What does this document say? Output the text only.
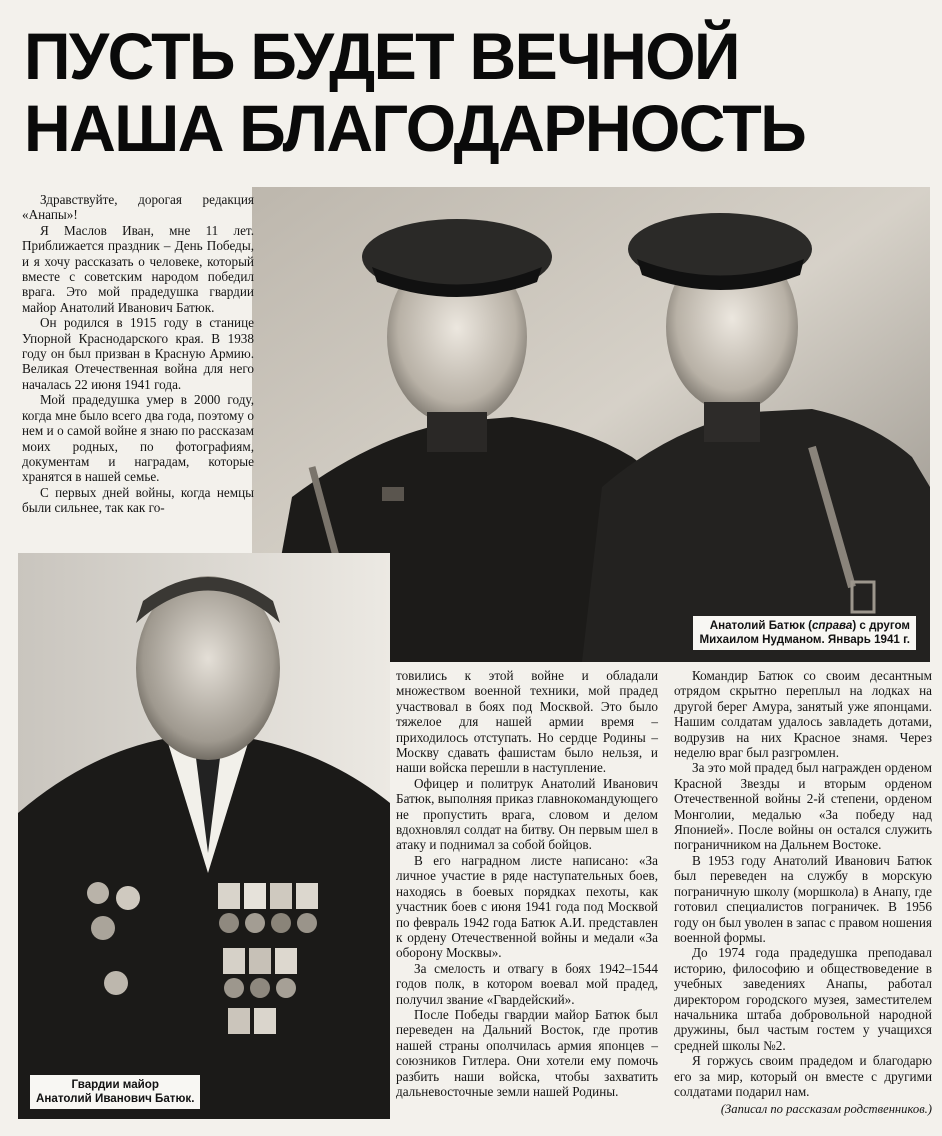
ПУСТЬ БУДЕТ ВЕЧНОЙ
НАША БЛАГОДАРНОСТЬ
Анатолий Батюк (справа) с другом
Михаилом Нудманом. Январь 1941 г.
Гвардии майор
Анатолий Иванович Батюк.

Здравствуйте, дорогая редакция «Анапы»!

Я Маслов Иван, мне 11 лет. Приближается праздник – День Победы, и я хочу рассказать о человеке, который вместе с советским народом победил врага. Это мой прадедушка гвардии майор Анатолий Иванович Батюк.

Он родился в 1915 году в станице Упорной Краснодарского края. В 1938 году он был призван в Красную Армию. Великая Отечественная война для него началась 22 июня 1941 года.

Мой прадедушка умер в 2000 году, когда мне было всего два года, поэтому о нем и о самой войне я знаю по рассказам моих родных, по фотографиям, документам и наградам, которые хранятся в нашей семье.

С первых дней войны, когда немцы были сильнее, так как го-

товились к этой войне и обладали множеством военной техники, мой прадед участвовал в боях под Москвой. Это было тяжелое для нашей армии время – приходилось отступать. Но сердце Родины – Москву сдавать фашистам было нельзя, и наши войска перешли в наступление.

Офицер и политрук Анатолий Иванович Батюк, выполняя приказ главнокомандующего не пропустить врага, словом и делом вдохновлял солдат на битву. Он первым шел в атаку и поднимал за собой бойцов.

В его наградном листе написано: «За личное участие в ряде наступательных боев, находясь в боевых порядках пехоты, как участник боев с июня 1941 года под Москвой по февраль 1942 года Батюк А.И. представлен к ордену Отечественной войны и медали «За оборону Москвы».

За смелость и отвагу в боях 1942–1544 годов полк, в котором воевал мой прадед, получил звание «Гвардейский».

После Победы гвардии майор Батюк был переведен на Дальний Восток, где против нашей страны ополчилась армия японцев – союзников Гитлера. Они хотели ему помочь разбить наши войска, чтобы захватить дальневосточные земли нашей Родины.

Командир Батюк со своим десантным отрядом скрытно переплыл на лодках на другой берег Амура, занятый уже японцами. Нашим солдатам удалось завладеть дотами, водрузив на них Красное знамя. Через неделю враг был разгромлен.

За это мой прадед был награжден орденом Красной Звезды и вторым орденом Отечественной войны 2-й степени, орденом Монголии, медалью «За победу над Японией». После войны он остался служить пограничником на Дальнем Востоке.

В 1953 году Анатолий Иванович Батюк был переведен на службу в морскую пограничную школу (моршкола) в Анапу, где готовил специалистов пограничек. В 1956 году он был уволен в запас с правом ношения военной формы.

До 1974 года прадедушка преподавал историю, философию и обществоведение в учебных заведениях Анапы, работал директором городского музея, заместителем начальника штаба добровольной народной дружины, был частым гостем у учащихся средней школы №2.

Я горжусь своим прадедом и благодарю его за мир, который он вместе с другими солдатами подарил нам.

(Записал по рассказам родственников.)
